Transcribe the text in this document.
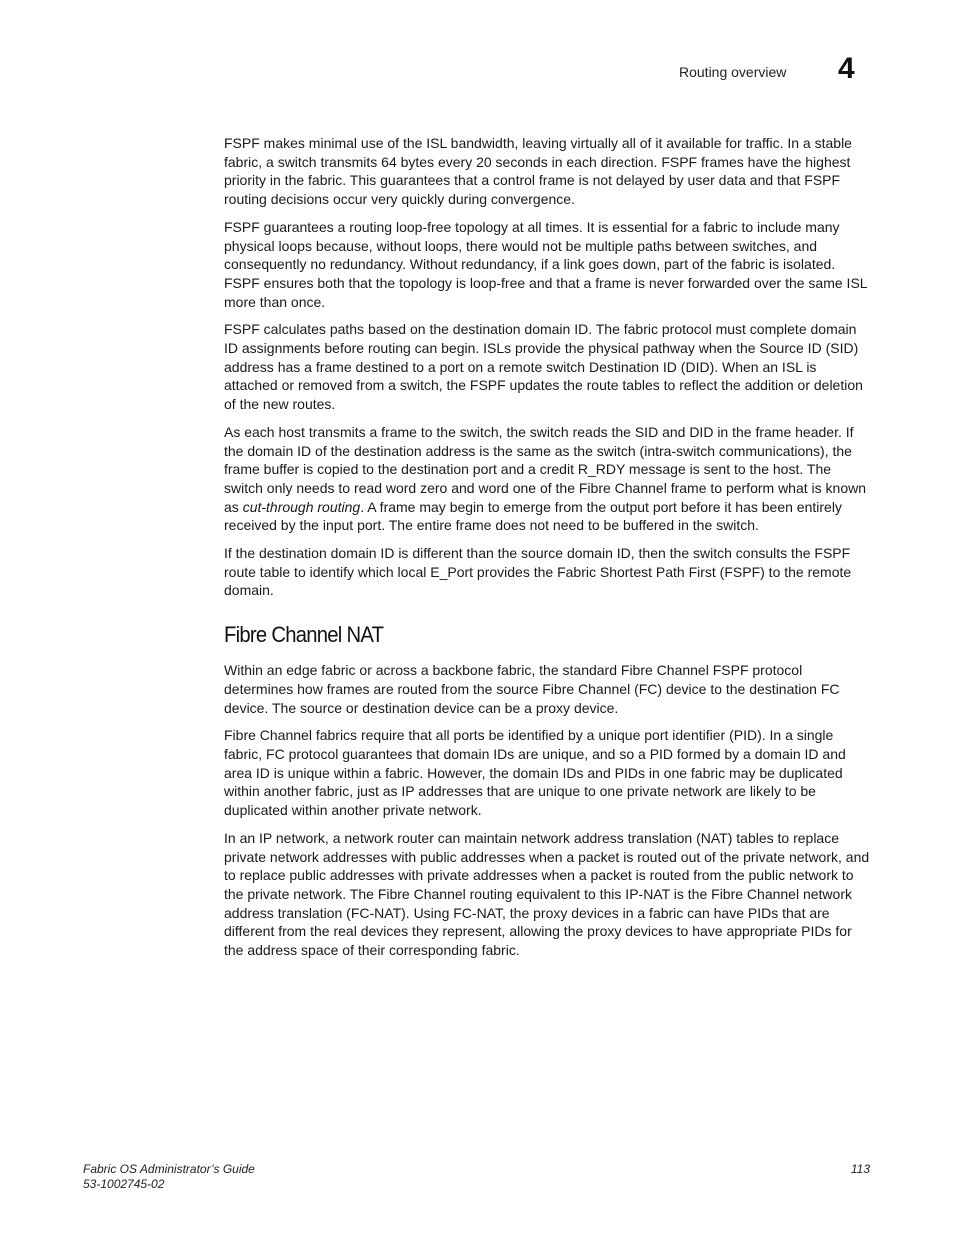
Routing overview 4

FSPF makes minimal use of the ISL bandwidth, leaving virtually all of it available for traffic. In a stable fabric, a switch transmits 64 bytes every 20 seconds in each direction. FSPF frames have the highest priority in the fabric. This guarantees that a control frame is not delayed by user data and that FSPF routing decisions occur very quickly during convergence.

FSPF guarantees a routing loop-free topology at all times. It is essential for a fabric to include many physical loops because, without loops, there would not be multiple paths between switches, and consequently no redundancy. Without redundancy, if a link goes down, part of the fabric is isolated. FSPF ensures both that the topology is loop-free and that a frame is never forwarded over the same ISL more than once.

FSPF calculates paths based on the destination domain ID. The fabric protocol must complete domain ID assignments before routing can begin. ISLs provide the physical pathway when the Source ID (SID) address has a frame destined to a port on a remote switch Destination ID (DID). When an ISL is attached or removed from a switch, the FSPF updates the route tables to reflect the addition or deletion of the new routes.

As each host transmits a frame to the switch, the switch reads the SID and DID in the frame header. If the domain ID of the destination address is the same as the switch (intra-switch communications), the frame buffer is copied to the destination port and a credit R_RDY message is sent to the host. The switch only needs to read word zero and word one of the Fibre Channel frame to perform what is known as cut-through routing. A frame may begin to emerge from the output port before it has been entirely received by the input port. The entire frame does not need to be buffered in the switch.

If the destination domain ID is different than the source domain ID, then the switch consults the FSPF route table to identify which local E_Port provides the Fabric Shortest Path First (FSPF) to the remote domain.

Fibre Channel NAT

Within an edge fabric or across a backbone fabric, the standard Fibre Channel FSPF protocol determines how frames are routed from the source Fibre Channel (FC) device to the destination FC device. The source or destination device can be a proxy device.

Fibre Channel fabrics require that all ports be identified by a unique port identifier (PID). In a single fabric, FC protocol guarantees that domain IDs are unique, and so a PID formed by a domain ID and area ID is unique within a fabric. However, the domain IDs and PIDs in one fabric may be duplicated within another fabric, just as IP addresses that are unique to one private network are likely to be duplicated within another private network.

In an IP network, a network router can maintain network address translation (NAT) tables to replace private network addresses with public addresses when a packet is routed out of the private network, and to replace public addresses with private addresses when a packet is routed from the public network to the private network. The Fibre Channel routing equivalent to this IP-NAT is the Fibre Channel network address translation (FC-NAT). Using FC-NAT, the proxy devices in a fabric can have PIDs that are different from the real devices they represent, allowing the proxy devices to have appropriate PIDs for the address space of their corresponding fabric.

Fabric OS Administrator’s Guide
53-1002745-02
113
